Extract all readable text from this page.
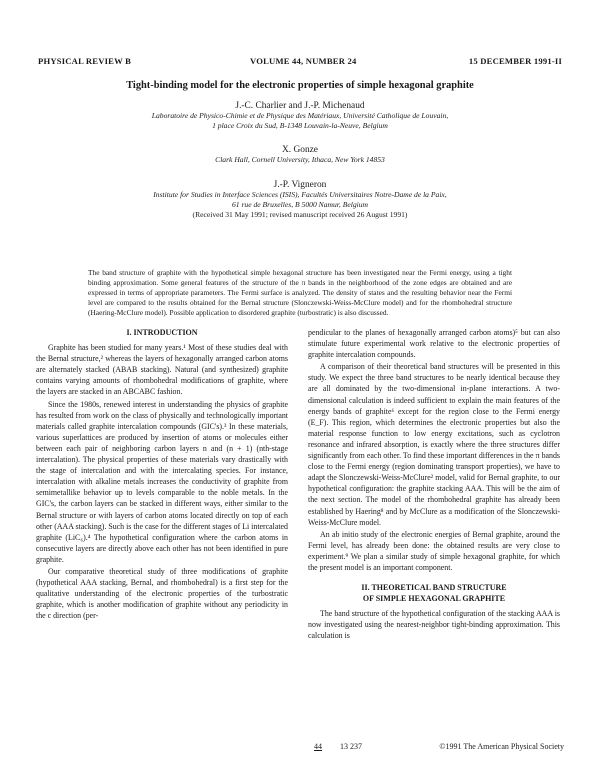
PHYSICAL REVIEW B	VOLUME 44, NUMBER 24	15 DECEMBER 1991-II
Tight-binding model for the electronic properties of simple hexagonal graphite
J.-C. Charlier and J.-P. Michenaud
Laboratoire de Physico-Chimie et de Physique des Matériaux, Université Catholique de Louvain,
1 place Croix du Sud, B-1348 Louvain-la-Neuve, Belgium
X. Gonze
Clark Hall, Cornell University, Ithaca, New York 14853
J.-P. Vigneron
Institute for Studies in Interface Sciences (ISIS), Facultés Universitaires Notre-Dame de la Paix,
61 rue de Bruxelles, B 5000 Namur, Belgium
(Received 31 May 1991; revised manuscript received 26 August 1991)
The band structure of graphite with the hypothetical simple hexagonal structure has been investigated near the Fermi energy, using a tight binding approximation. Some general features of the structure of the π bands in the neighborhood of the zone edges are obtained and are expressed in terms of appropriate parameters. The Fermi surface is analyzed. The density of states and the resulting behavior near the Fermi level are compared to the results obtained for the Bernal structure (Slonczewski-Weiss-McClure model) and for the rhombohedral structure (Haering-McClure model). Possible application to disordered graphite (turbostratic) is also discussed.
I. INTRODUCTION

Graphite has been studied for many years.¹ Most of these studies deal with the Bernal structure,² whereas the layers of hexagonally arranged carbon atoms are alternately stacked (ABAB stacking). Natural (and synthesized) graphite contains varying amounts of rhombohedral modifications of graphite, where the layers are stacked in an ABCABC fashion.

Since the 1980s, renewed interest in understanding the physics of graphite has resulted from work on the class of physically and technologically important materials called graphite intercalation compounds (GIC's).³ In these materials, various superlattices are produced by insertion of atoms or molecules either between each pair of neighboring carbon layers n and (n + 1) (nth-stage intercalation). The physical properties of these materials vary drastically with the stage of intercalation and with the intercalating species. For instance, intercalation with alkaline metals increases the conductivity of graphite from semimetallike behavior up to levels comparable to the noble metals. In the GIC's, the carbon layers can be stacked in different ways, either similar to the Bernal structure or with layers of carbon atoms located directly on top of each other (AAA stacking). Such is the case for the different stages of Li intercalated graphite (LiC₆).⁴ The hypothetical configuration where the carbon atoms in consecutive layers are directly above each other has not been identified in pure graphite.

Our comparative theoretical study of three modifications of graphite (hypothetical AAA stacking, Bernal, and rhombohedral) is a first step for the qualitative understanding of the electronic properties of the turbostratic graphite, which is another modification of graphite without any periodicity in the c direction (per-

pendicular to the planes of hexagonally arranged carbon atoms)⁵ but can also stimulate future experimental work relative to the electronic properties of graphite intercalation compounds.

A comparison of their theoretical band structures will be presented in this study. We expect the three band structures to be nearly identical because they are all dominated by the two-dimensional in-plane interactions. A two-dimensional calculation is indeed sufficient to explain the main features of the energy bands of graphite⁶ except for the region close to the Fermi energy (E_F). This region, which determines the electronic properties but also the material response function to low energy excitations, such as cyclotron resonance and infrared absorption, is exactly where the three structures differ significantly from each other. To find these important differences in the π bands close to the Fermi energy (region dominating transport properties), we have to adapt the Slonczewski-Weiss-McClure² model, valid for Bernal graphite, to our hypothetical configuration: the graphite stacking AAA. This will be the aim of the next section. The model of the rhombohedral graphite has already been established by Haering⁸ and by McClure as a modification of the Slonczewski-Weiss-McClure model.

An ab initio study of the electronic energies of Bernal graphite, around the Fermi level, has already been done: the obtained results are very close to experiment.⁹ We plan a similar study of simple hexagonal graphite, for which the present model is an important component.

II. THEORETICAL BAND STRUCTURE
OF SIMPLE HEXAGONAL GRAPHITE

The band structure of the hypothetical configuration of the stacking AAA is now investigated using the nearest-neighbor tight-binding approximation. This calculation is

44 13 237	©1991 The American Physical Society
